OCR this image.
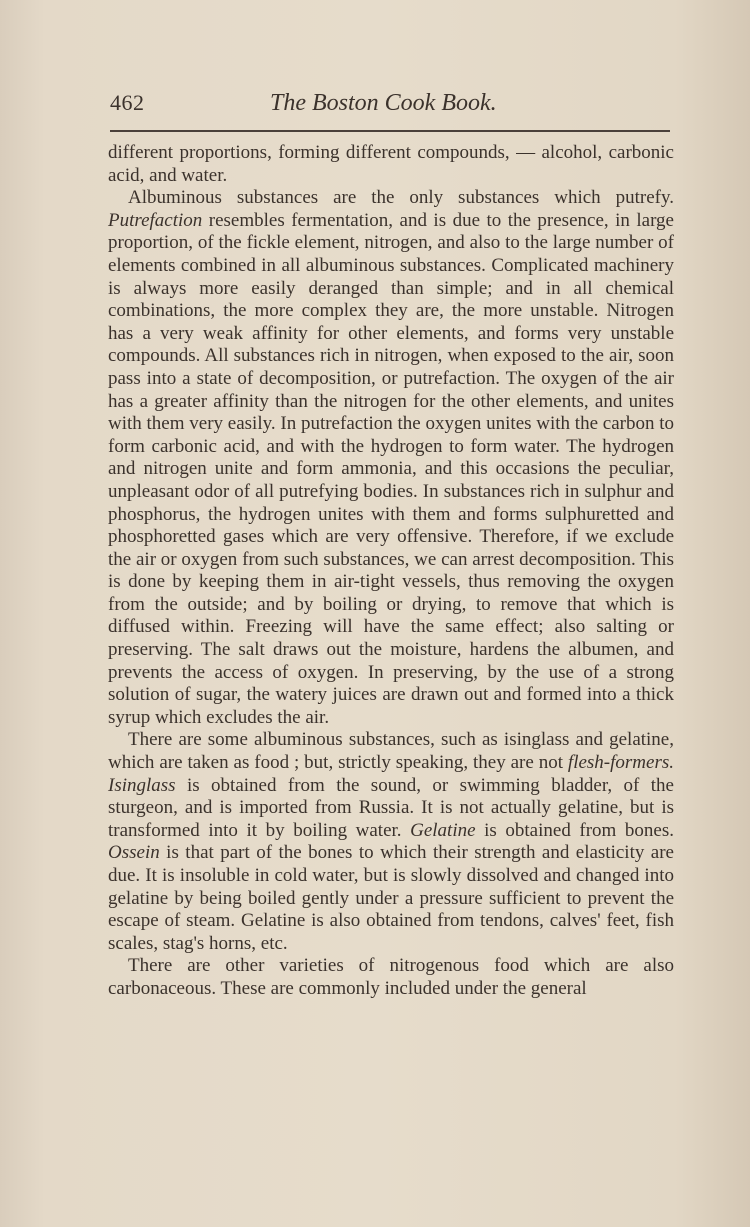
462	The Boston Cook Book.

different proportions, forming different compounds, — alcohol, carbonic acid, and water.

Albuminous substances are the only substances which putrefy. Putrefaction resembles fermentation, and is due to the presence, in large proportion, of the fickle element, nitrogen, and also to the large number of elements combined in all albuminous substances. Complicated machinery is always more easily deranged than simple; and in all chemical combinations, the more complex they are, the more unstable. Nitrogen has a very weak affinity for other elements, and forms very unstable compounds. All substances rich in nitrogen, when exposed to the air, soon pass into a state of decomposition, or putrefaction. The oxygen of the air has a greater affinity than the nitrogen for the other elements, and unites with them very easily. In putrefaction the oxygen unites with the carbon to form carbonic acid, and with the hydrogen to form water. The hydrogen and nitrogen unite and form ammonia, and this occasions the peculiar, unpleasant odor of all putrefying bodies. In substances rich in sulphur and phosphorus, the hydrogen unites with them and forms sulphuretted and phosphoretted gases which are very offensive. Therefore, if we exclude the air or oxygen from such substances, we can arrest decomposition. This is done by keeping them in air-tight vessels, thus removing the oxygen from the outside; and by boiling or drying, to remove that which is diffused within. Freezing will have the same effect; also salting or preserving. The salt draws out the moisture, hardens the albumen, and prevents the access of oxygen. In preserving, by the use of a strong solution of sugar, the watery juices are drawn out and formed into a thick syrup which excludes the air.

There are some albuminous substances, such as isinglass and gelatine, which are taken as food ; but, strictly speaking, they are not flesh-formers. Isinglass is obtained from the sound, or swimming bladder, of the sturgeon, and is imported from Russia. It is not actually gelatine, but is transformed into it by boiling water. Gelatine is obtained from bones. Ossein is that part of the bones to which their strength and elasticity are due. It is insoluble in cold water, but is slowly dissolved and changed into gelatine by being boiled gently under a pressure sufficient to prevent the escape of steam. Gelatine is also obtained from tendons, calves' feet, fish scales, stag's horns, etc.

There are other varieties of nitrogenous food which are also carbonaceous. These are commonly included under the general
